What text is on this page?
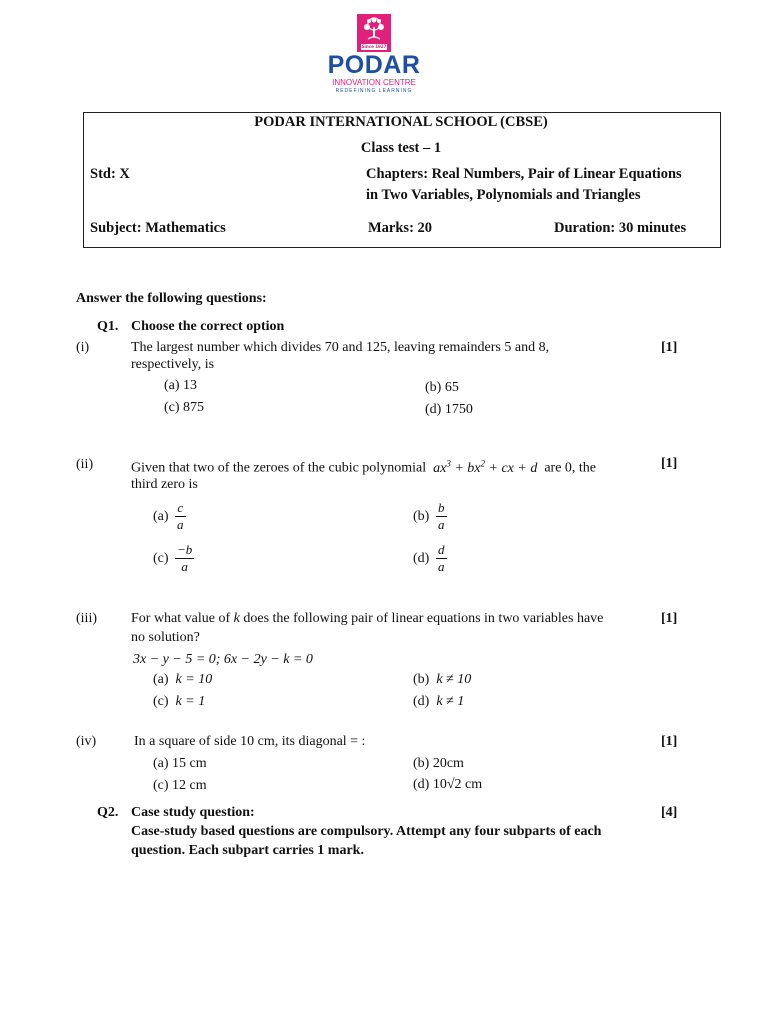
Since 1927
PODAR
INNOVATION CENTRE
REDEFINING LEARNING
PODAR INTERNATIONAL SCHOOL (CBSE)
Class test – 1
Std: X	Chapters: Real Numbers, Pair of Linear Equations
in Two Variables, Polynomials and Triangles
Subject: Mathematics	Marks: 20	Duration: 30 minutes
Answer the following questions:
Q1. Choose the correct option
(i)	The largest number which divides 70 and 125, leaving remainders 5 and 8,
respectively, is
[1]
(a) 13	(b) 65
(c) 875	(d) 1750
(ii)	Given that two of the zeroes of the cubic polynomial $ax^3 + bx^2$ + cx + d are 0, the
third zero is
[1]
$(a) \frac{c}{a}$	$(b) \frac{b}{a}$
$(c) \frac{-b}{a}$	$(d) \frac{d}{a}$
(iii) For what value of k does the following pair of linear equations in two variables have
no solution?
[1]
3x − y − 5 = 0; 6x − 2y − k = 0
(a) k = 10	(b) k ≠ 10
(c) k = 1	(d) k ≠ 1
(iv)	In a square of side 10 cm, its diagonal = :	[1]
(a) 15 cm	(b) 20cm
(c) 12 cm	(d) 10√2 cm
Q2. Case study question:	[4]
Case-study based questions are compulsory. Attempt any four subparts of each
question. Each subpart carries 1 mark.
